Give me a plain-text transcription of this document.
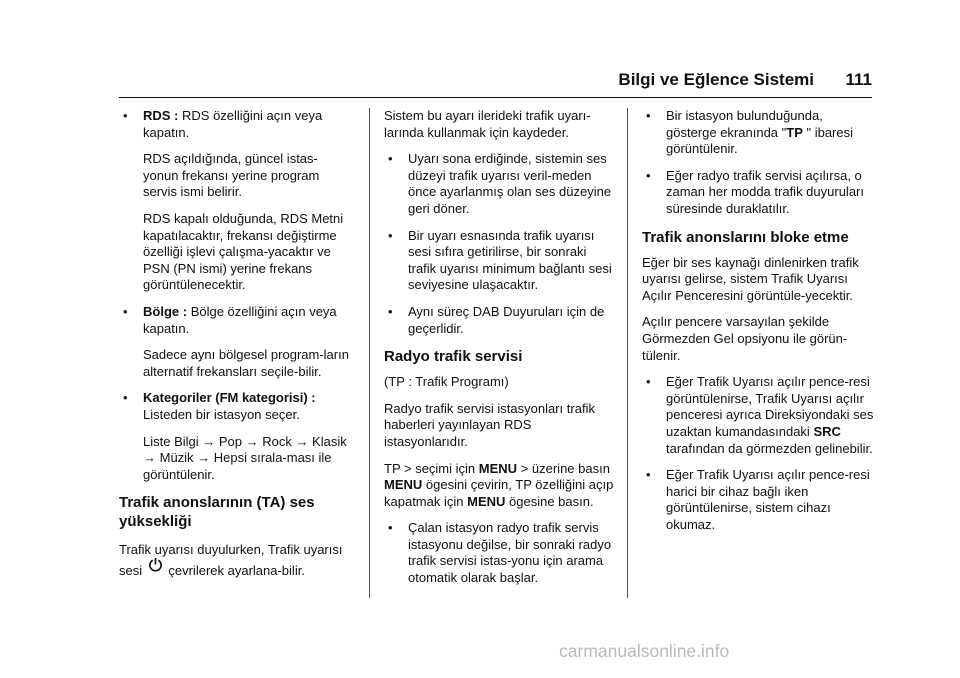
Bilgi ve Eğlence Sistemi 111
• RDS : RDS özelliğini açın veya kapatın.
RDS açıldığında, güncel istas-yonun frekansı yerine program servis ismi belirir.
RDS kapalı olduğunda, RDS Metni kapatılacaktır, frekansı değiştirme özelliği işlevi çalışma-yacaktır ve PSN (PN ismi) yerine frekans görüntülenecektir.
• Bölge : Bölge özelliğini açın veya kapatın.
Sadece aynı bölgesel program-ların alternatif frekansları seçile-bilir.
• Kategoriler (FM kategorisi) :
Listeden bir istasyon seçer.
Liste Bilgi → Pop → Rock → Klasik → Müzik → Hepsi sırala-ması ile görüntülenir.
Trafik anonslarının (TA) ses yüksekliği
Trafik uyarısı duyulurken, Trafik uyarısı sesi çevrilerek ayarlana-bilir.
Sistem bu ayarı ilerideki trafik uyarı-larında kullanmak için kaydeder.
• Uyarı sona erdiğinde, sistemin ses düzeyi trafik uyarısı veril-meden önce ayarlanmış olan ses düzeyine geri döner.
• Bir uyarı esnasında trafik uyarısı sesi sıfıra getirilirse, bir sonraki trafik uyarısı minimum bağlantı sesi seviyesine ulaşacaktır.
• Aynı süreç DAB Duyuruları için de geçerlidir.
Radyo trafik servisi
(TP : Trafik Programı)
Radyo trafik servisi istasyonları trafik haberleri yayınlayan RDS istasyonlarıdır.
TP > seçimi için MENU > üzerine basın MENU ögesini çevirin, TP özelliğini açıp kapatmak için MENU ögesine basın.
• Çalan istasyon radyo trafik servis istasyonu değilse, bir sonraki radyo trafik servisi istas-yonu için arama otomatik olarak başlar.
• Bir istasyon bulunduğunda, gösterge ekranında "TP " ibaresi görüntülenir.
• Eğer radyo trafik servisi açılırsa, o zaman her modda trafik duyuruları süresinde duraklatılır.
Trafik anonslarını bloke etme
Eğer bir ses kaynağı dinlenirken trafik uyarısı gelirse, sistem Trafik Uyarısı Açılır Penceresini görüntüle-yecektir.
Açılır pencere varsayılan şekilde Görmezden Gel opsiyonu ile görün-tülenir.
• Eğer Trafik Uyarısı açılır pence-resi görüntülenirse, Trafik Uyarısı açılır penceresi ayrıca Direksiyondaki ses uzaktan kumandasındaki SRC tarafından da görmezden gelinebilir.
• Eğer Trafik Uyarısı açılır pence-resi harici bir cihaz bağlı iken görüntülenirse, sistem cihazı okumaz.
carmanualsonline.info
